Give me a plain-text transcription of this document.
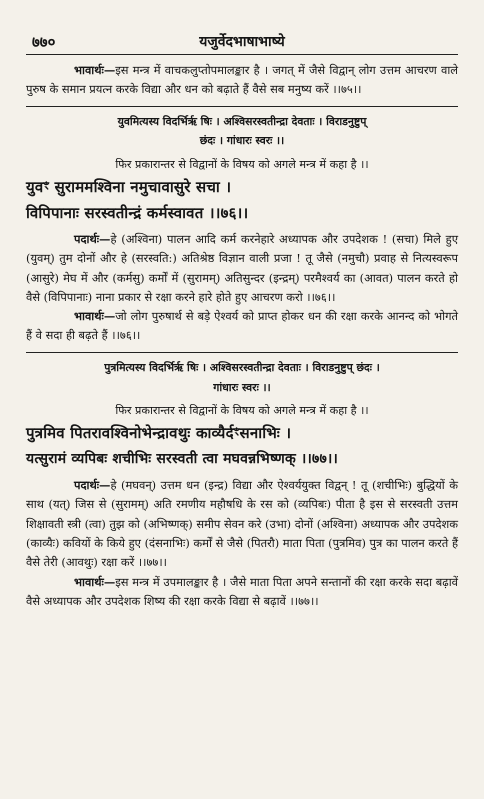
७७०	यजुर्वेदभाषाभाष्ये

भावार्थः—इस मन्त्र में वाचकलुप्तोपमालङ्कार है । जगत् में जैसे विद्वान् लोग उत्तम आचरण वाले पुरुष के समान प्रयत्न करके विद्या और धन को बढ़ाते हैं वैसे सब मनुष्य करें ।।७५।।

युवमित्यस्य विदर्भिर्ऋ षिः । अश्विसरस्वतीन्द्रा देवताः । विराडनुष्टुप्

छंदः । गांधारः स्वरः ।।

फिर प्रकारान्तर से विद्वानों के विषय को अगले मन्त्र में कहा है ।।

युवꣳ सुराममश्विना नमुचावासुरे सचा ।

विपिपानाः सरस्वतीन्द्रं कर्मस्वावत ।।७६।।

पदार्थः—हे (अश्विना) पालन आदि कर्म करनेहारे अध्यापक और उपदेशक ! (सचा) मिले हुए (युवम्) तुम दोनों और हे (सरस्वति:) अतिश्रेष्ठ विज्ञान वाली प्रजा ! तू जैसे (नमुचौ) प्रवाह से नित्यस्वरूप (आसुरे) मेघ में और (कर्मसु) कर्मों में (सुरामम्) अतिसुन्दर (इन्द्रम्) परमैश्वर्य का (आवत) पालन करते हो वैसे (विपिपानाः) नाना प्रकार से रक्षा करने हारे होते हुए आचरण करो ।।७६।।

भावार्थः—जो लोग पुरुषार्थ से बड़े ऐश्वर्य को प्राप्त होकर धन की रक्षा करके आनन्द को भोगते हैं वे सदा ही बढ़ते हैं ।।७६।।

पुत्रमित्यस्य विदर्भिर्ऋ षिः । अश्विसरस्वतीन्द्रा देवताः । विराडनुष्टुप् छंदः ।

गांधारः स्वरः ।।

फिर प्रकारान्तर से विद्वानों के विषय को अगले मन्त्र में कहा है ।।

पुत्रमिव पितरावश्विनोभेन्द्रावथुः काव्यैर्दꣳसनाभिः ।

यत्सुरामं व्यपिबः शचीभिः सरस्वती त्वा मघवन्नभिष्णक् ।।७७।।

पदार्थः—हे (मघवन्) उत्तम धन (इन्द्र) विद्या और ऐश्वर्ययुक्त विद्वन् ! तू (शचीभिः) बुद्धियों के साथ (यत्) जिस से (सुरामम्) अति रमणीय महौषधि के रस को (व्यपिबः) पीता है इस से सरस्वती उत्तम शिक्षावती स्त्री (त्वा) तुझ को (अभिष्णक्) समीप सेवन करे (उभा) दोनों (अश्विना) अध्यापक और उपदेशक (काव्यैः) कवियों के किये हुए (दंसनाभिः) कर्मों से जैसे (पितरौ) माता पिता (पुत्रमिव) पुत्र का पालन करते हैं वैसे तेरी (आवथुः) रक्षा करें ।।७७।।

भावार्थः—इस मन्त्र में उपमालङ्कार है । जैसे माता पिता अपने सन्तानों की रक्षा करके सदा बढ़ावें वैसे अध्यापक और उपदेशक शिष्य की रक्षा करके विद्या से बढ़ावें ।।७७।।
